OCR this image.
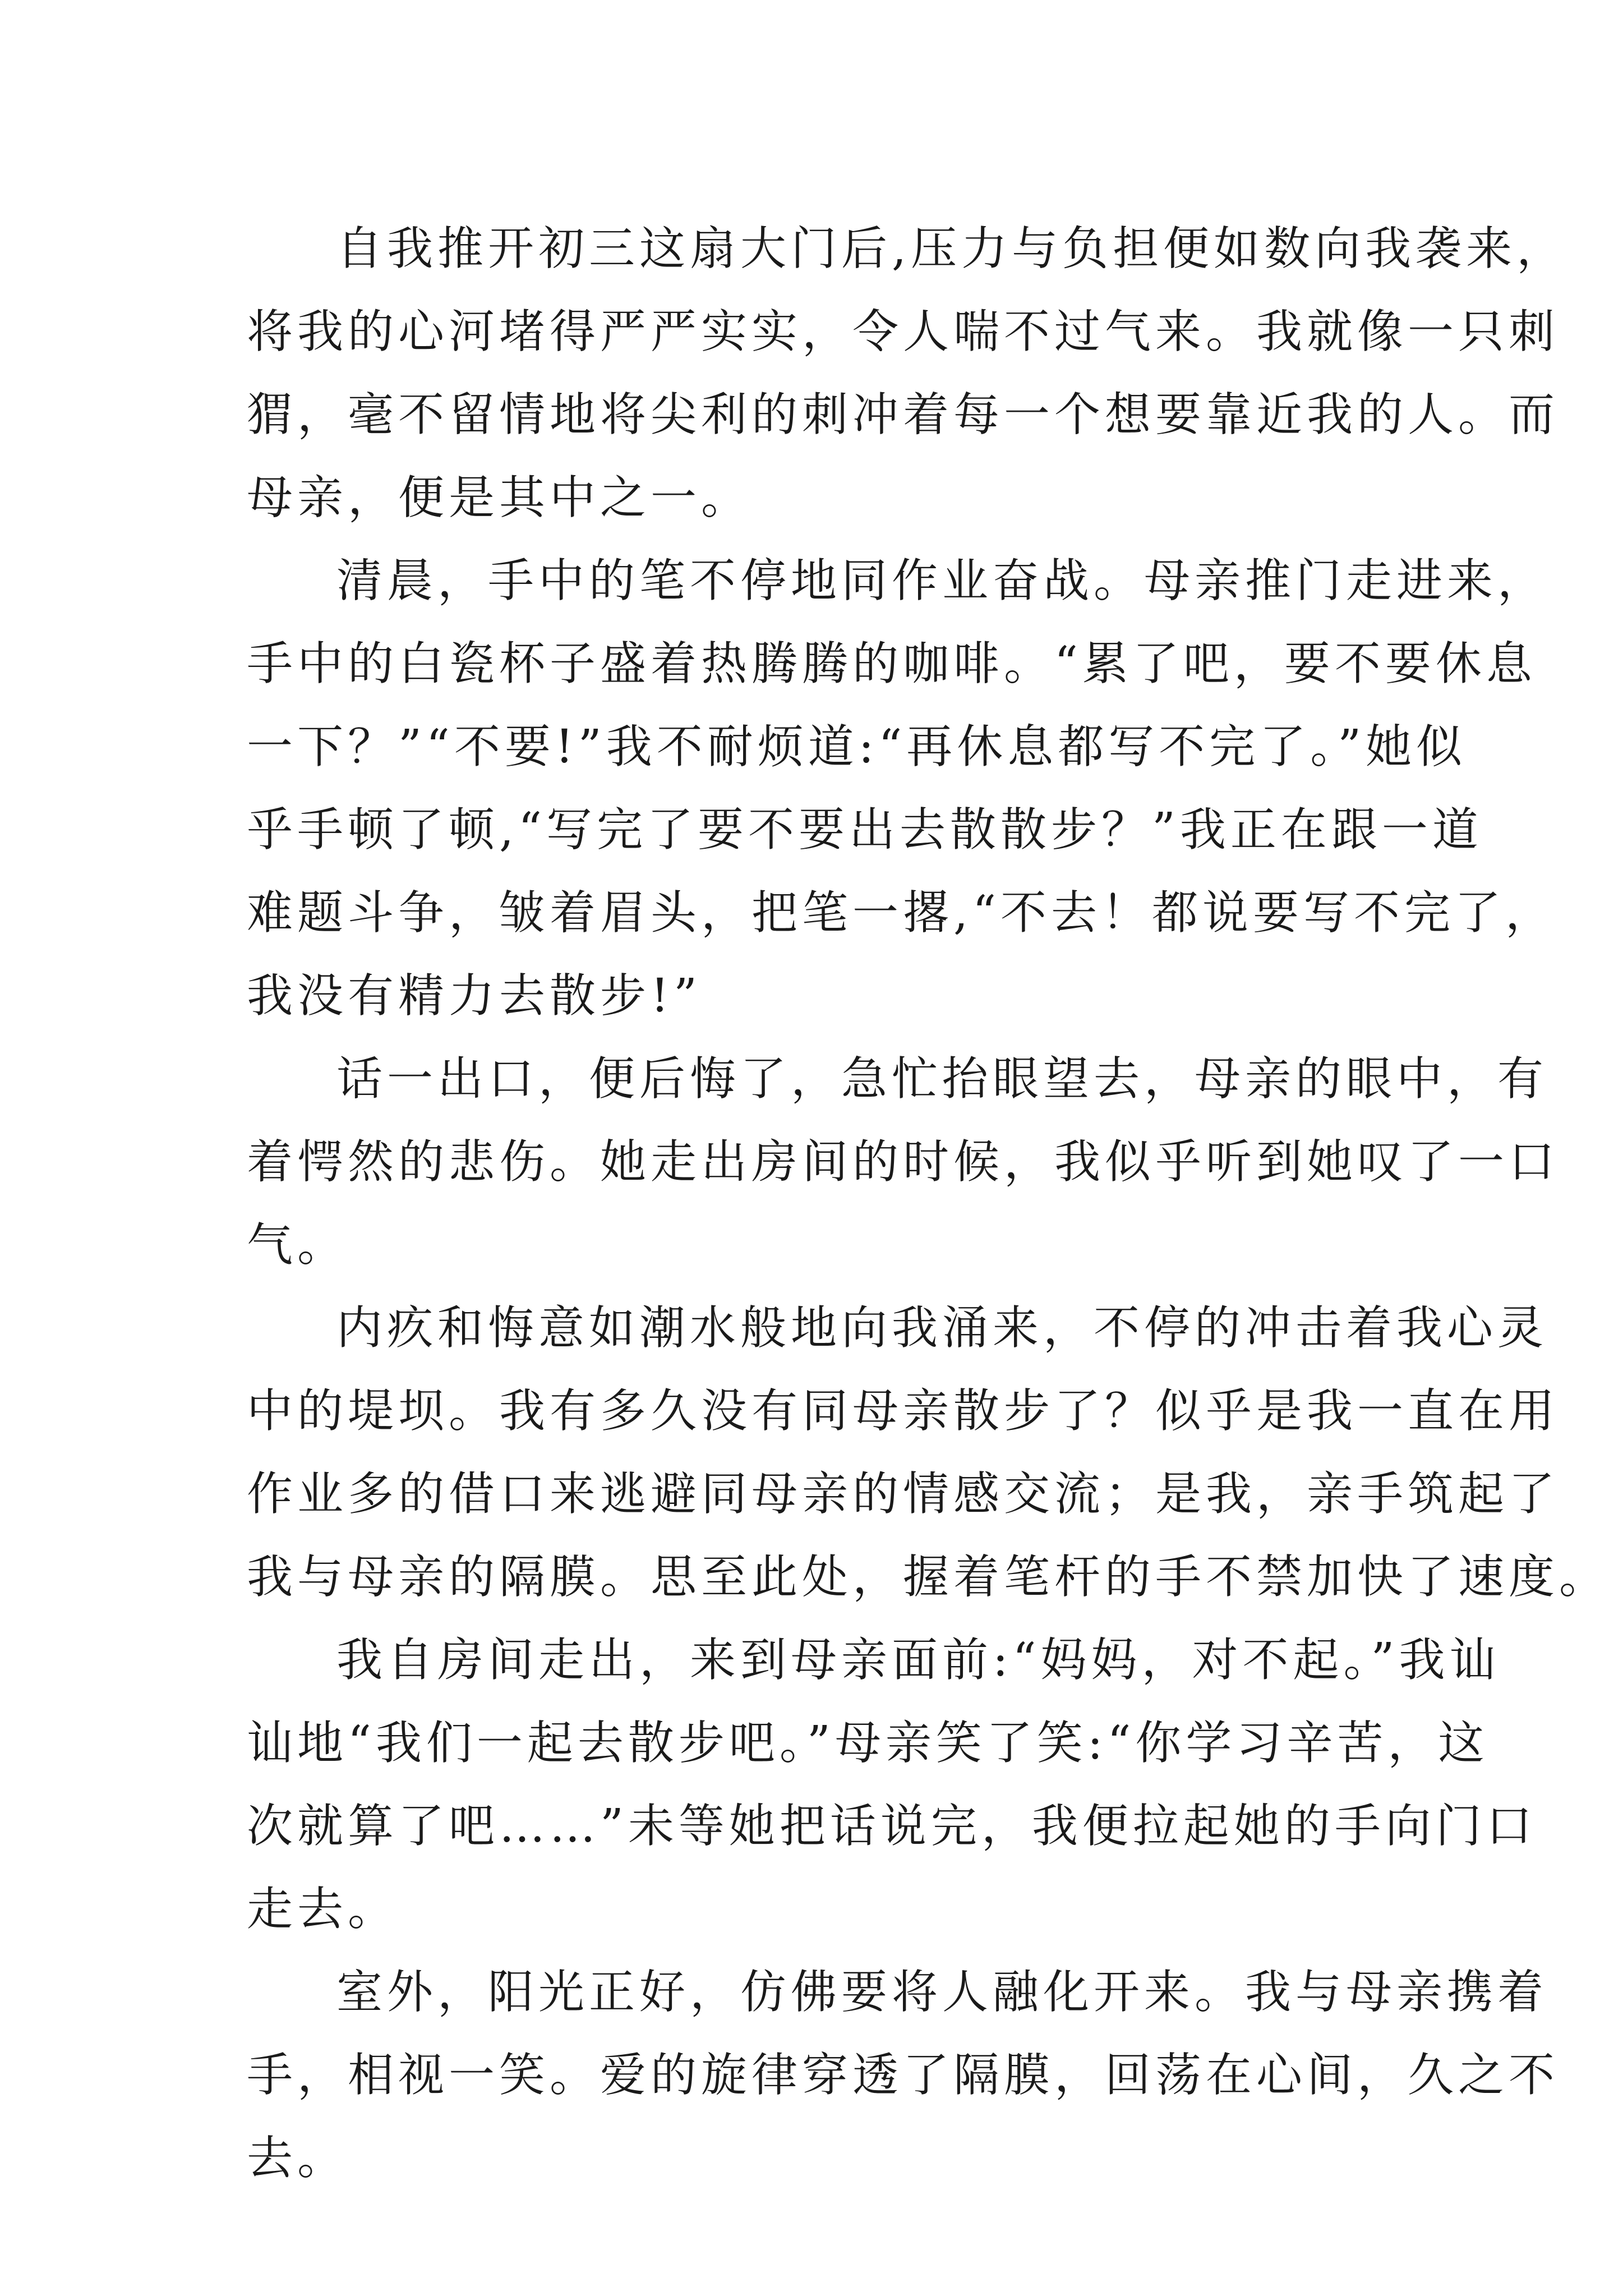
自我推开初三这扇大门后,压力与负担便如数向我袭来，
将我的心河堵得严严实实，令人喘不过气来。我就像一只刺
猬，毫不留情地将尖利的刺冲着每一个想要靠近我的人。而
母亲，便是其中之一。
清晨，手中的笔不停地同作业奋战。母亲推门走进来，
手中的白瓷杯子盛着热腾腾的咖啡。“累了吧，要不要休息
一下？”“不要!”我不耐烦道:“再休息都写不完了。”她似
乎手顿了顿,“写完了要不要出去散散步？”我正在跟一道
难题斗争，皱着眉头，把笔一撂,“不去！都说要写不完了，
我没有精力去散步!”
话一出口，便后悔了，急忙抬眼望去，母亲的眼中，有
着愕然的悲伤。她走出房间的时候，我似乎听到她叹了一口
气。
内疚和悔意如潮水般地向我涌来，不停的冲击着我心灵
中的堤坝。我有多久没有同母亲散步了？似乎是我一直在用
作业多的借口来逃避同母亲的情感交流；是我，亲手筑起了
我与母亲的隔膜。思至此处，握着笔杆的手不禁加快了速度。
我自房间走出，来到母亲面前:“妈妈，对不起。”我讪
讪地“我们一起去散步吧。”母亲笑了笑:“你学习辛苦，这
次就算了吧……”未等她把话说完，我便拉起她的手向门口
走去。
室外，阳光正好，仿佛要将人融化开来。我与母亲携着
手，相视一笑。爱的旋律穿透了隔膜，回荡在心间，久之不
去。
